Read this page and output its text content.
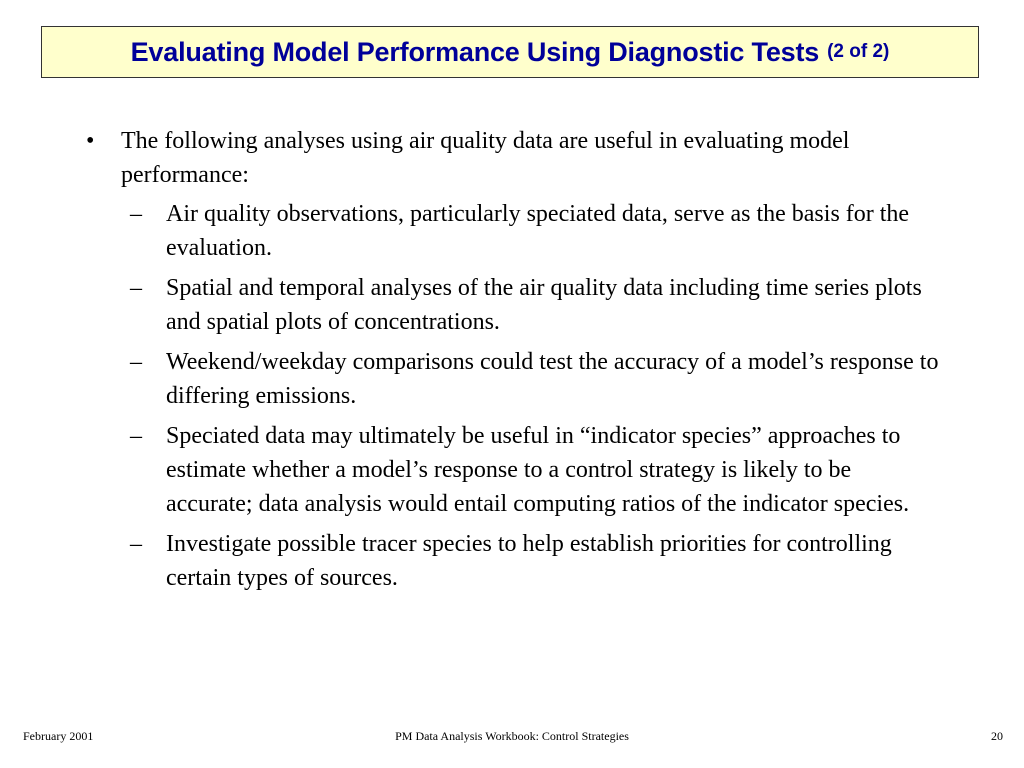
Evaluating Model Performance Using Diagnostic Tests (2 of 2)
• The following analyses using air quality data are useful in evaluating model performance:
– Air quality observations, particularly speciated data, serve as the basis for the evaluation.
– Spatial and temporal analyses of the air quality data including time series plots and spatial plots of concentrations.
– Weekend/weekday comparisons could test the accuracy of a model’s response to differing emissions.
– Speciated data may ultimately be useful in “indicator species” approaches to estimate whether a model’s response to a control strategy is likely to be accurate; data analysis would entail computing ratios of the indicator species.
– Investigate possible tracer species to help establish priorities for controlling certain types of sources.
February 2001	PM Data Analysis Workbook: Control Strategies	20
